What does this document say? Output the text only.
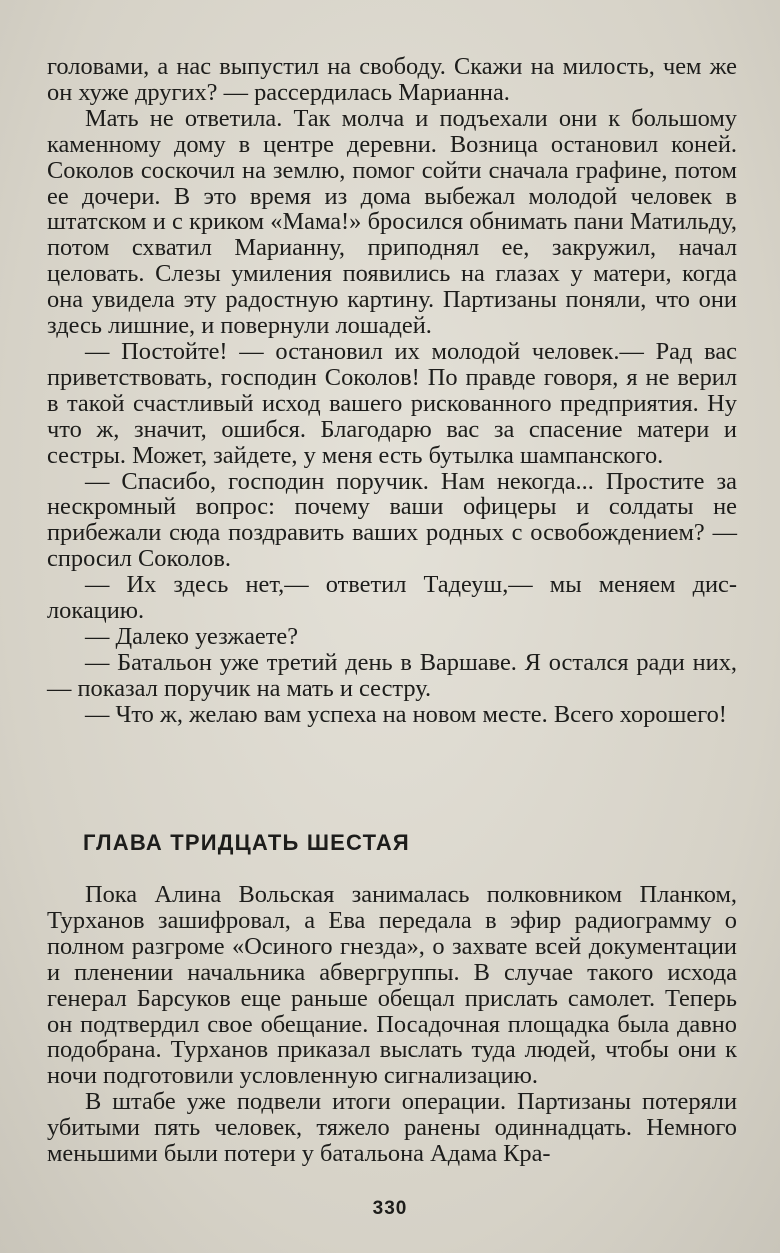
головами, а нас выпустил на свободу. Скажи на милость, чем же он хуже других? — рассердилась Марианна.

Мать не ответила. Так молча и подъехали они к большому каменному дому в центре деревни. Возница остановил коней. Соколов соскочил на землю, помог сойти сначала графине, потом ее дочери. В это время из дома выбежал молодой человек в штатском и с криком «Мама!» бросился обнимать пани Матильду, потом схватил Марианну, приподнял ее, закружил, начал целовать. Слезы умиления появились на глазах у матери, когда она увидела эту радостную картину. Партизаны поняли, что они здесь лишние, и повернули лошадей.

— Постойте! — остановил их молодой человек.— Рад вас приветствовать, господин Соколов! По правде говоря, я не верил в такой счастливый исход вашего рискованного предприятия. Ну что ж, значит, ошибся. Благодарю вас за спасение матери и сестры. Может, зайдете, у меня есть бутылка шампанского.

— Спасибо, господин поручик. Нам некогда... Простите за нескромный вопрос: почему ваши офицеры и солдаты не прибежали сюда поздравить ваших родных с освобождением? — спросил Соколов.

— Их здесь нет,— ответил Тадеуш,— мы меняем дислокацию.

— Далеко уезжаете?

— Батальон уже третий день в Варшаве. Я остался ради них,— показал поручик на мать и сестру.

— Что ж, желаю вам успеха на новом месте. Всего хорошего!

ГЛАВА ТРИДЦАТЬ ШЕСТАЯ

Пока Алина Вольская занималась полковником Планком, Турханов зашифровал, а Ева передала в эфир радиограмму о полном разгроме «Осиного гнезда», о захвате всей документации и пленении начальника абвергруппы. В случае такого исхода генерал Барсуков еще раньше обещал прислать самолет. Теперь он подтвердил свое обещание. Посадочная площадка была давно подобрана. Турханов приказал выслать туда людей, чтобы они к ночи подготовили условленную сигнализацию.

В штабе уже подвели итоги операции. Партизаны потеряли убитыми пять человек, тяжело ранены одиннадцать. Немного меньшими были потери у батальона Адама Кра-

330
